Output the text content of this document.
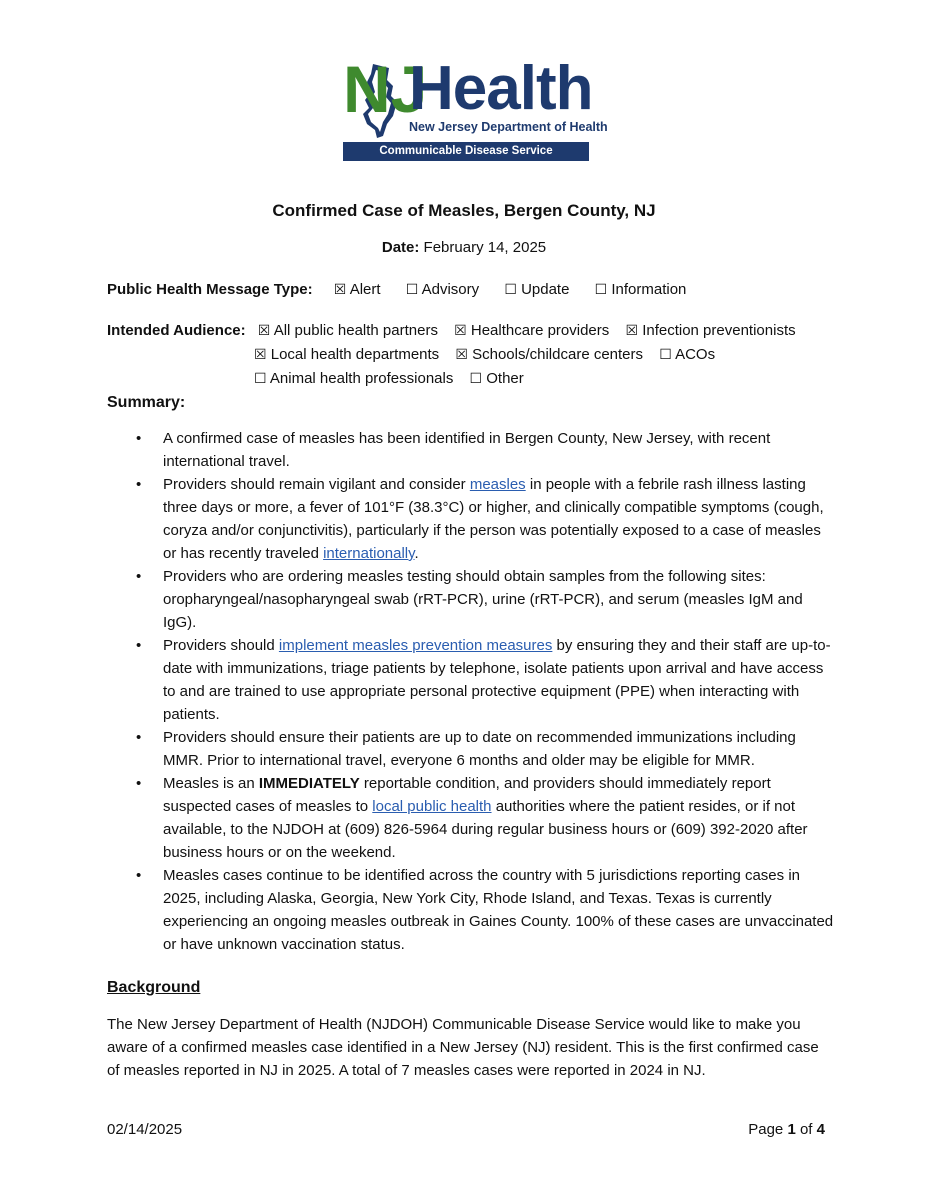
NJ
Health
New Jersey Department of Health
Communicable Disease Service
Confirmed Case of Measles, Bergen County, NJ
Date: February 14, 2025
Public Health Message Type: ☒ Alert ☐ Advisory ☐ Update ☐ Information
Intended Audience: ☒ All public health partners ☒ Healthcare providers ☒ Infection preventionists
☒ Local health departments ☒ Schools/childcare centers ☐ ACOs
☐ Animal health professionals ☐ Other
Summary:
• A confirmed case of measles has been identified in Bergen County, New Jersey, with recent international travel.
• Providers should remain vigilant and consider measles in people with a febrile rash illness lasting three days or more, a fever of 101°F (38.3°C) or higher, and clinically compatible symptoms (cough, coryza and/or conjunctivitis), particularly if the person was potentially exposed to a case of measles or has recently traveled internationally.
• Providers who are ordering measles testing should obtain samples from the following sites: oropharyngeal/nasopharyngeal swab (rRT-PCR), urine (rRT-PCR), and serum (measles IgM and IgG).
• Providers should implement measles prevention measures by ensuring they and their staff are up-to-date with immunizations, triage patients by telephone, isolate patients upon arrival and have access to and are trained to use appropriate personal protective equipment (PPE) when interacting with patients.
• Providers should ensure their patients are up to date on recommended immunizations including MMR. Prior to international travel, everyone 6 months and older may be eligible for MMR.
• Measles is an IMMEDIATELY reportable condition, and providers should immediately report suspected cases of measles to local public health authorities where the patient resides, or if not available, to the NJDOH at (609) 826-5964 during regular business hours or (609) 392-2020 after business hours or on the weekend.
• Measles cases continue to be identified across the country with 5 jurisdictions reporting cases in 2025, including Alaska, Georgia, New York City, Rhode Island, and Texas. Texas is currently experiencing an ongoing measles outbreak in Gaines County. 100% of these cases are unvaccinated or have unknown vaccination status.
Background

The New Jersey Department of Health (NJDOH) Communicable Disease Service would like to make you aware of a confirmed measles case identified in a New Jersey (NJ) resident. This is the first confirmed case of measles reported in NJ in 2025. A total of 7 measles cases were reported in 2024 in NJ.

02/14/2025	Page 1 of 4
